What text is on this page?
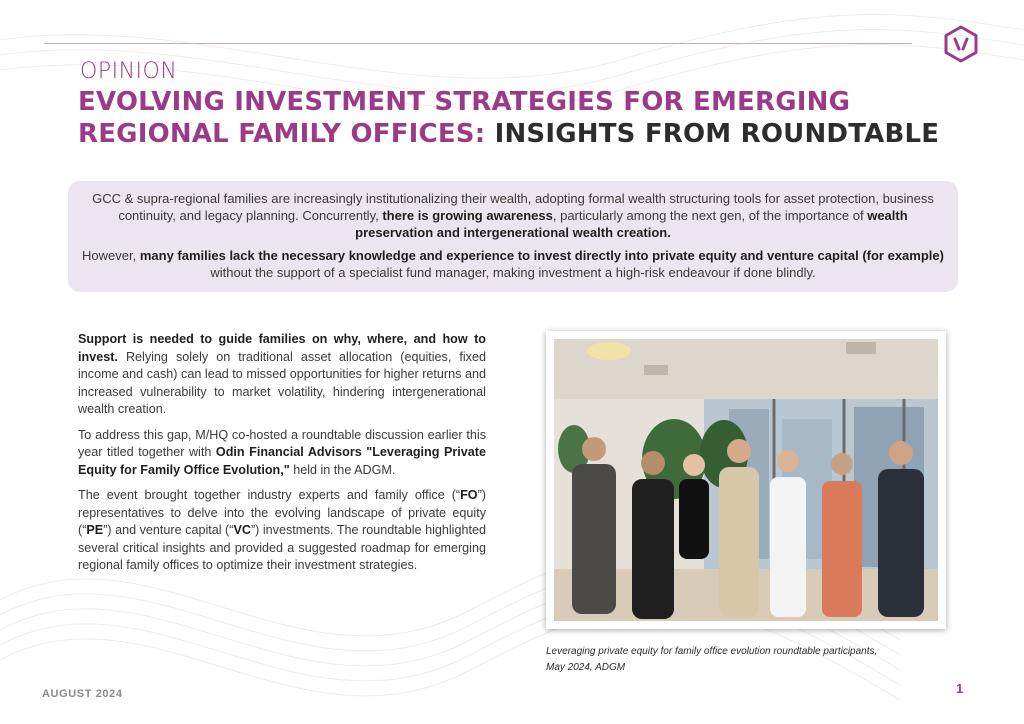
OPINION
EVOLVING INVESTMENT STRATEGIES FOR EMERGING REGIONAL FAMILY OFFICES: INSIGHTS FROM ROUNDTABLE

GCC & supra-regional families are increasingly institutionalizing their wealth, adopting formal wealth structuring tools for asset protection, business continuity, and legacy planning. Concurrently, there is growing awareness, particularly among the next gen, of the importance of wealth preservation and intergenerational wealth creation.

However, many families lack the necessary knowledge and experience to invest directly into private equity and venture capital (for example) without the support of a specialist fund manager, making investment a high-risk endeavour if done blindly.

Support is needed to guide families on why, where, and how to invest. Relying solely on traditional asset allocation (equities, fixed income and cash) can lead to missed opportunities for higher returns and increased vulnerability to market volatility, hindering intergenerational wealth creation.

To address this gap, M/HQ co-hosted a roundtable discussion earlier this year titled together with Odin Financial Advisors "Leveraging Private Equity for Family Office Evolution," held in the ADGM.

The event brought together industry experts and family office (“FO”) representatives to delve into the evolving landscape of private equity (“PE”) and venture capital (“VC”) investments. The roundtable highlighted several critical insights and provided a suggested roadmap for emerging regional family offices to optimize their investment strategies.

Leveraging private equity for family office evolution roundtable participants,
May 2024, ADGM
AUGUST 2024	1
